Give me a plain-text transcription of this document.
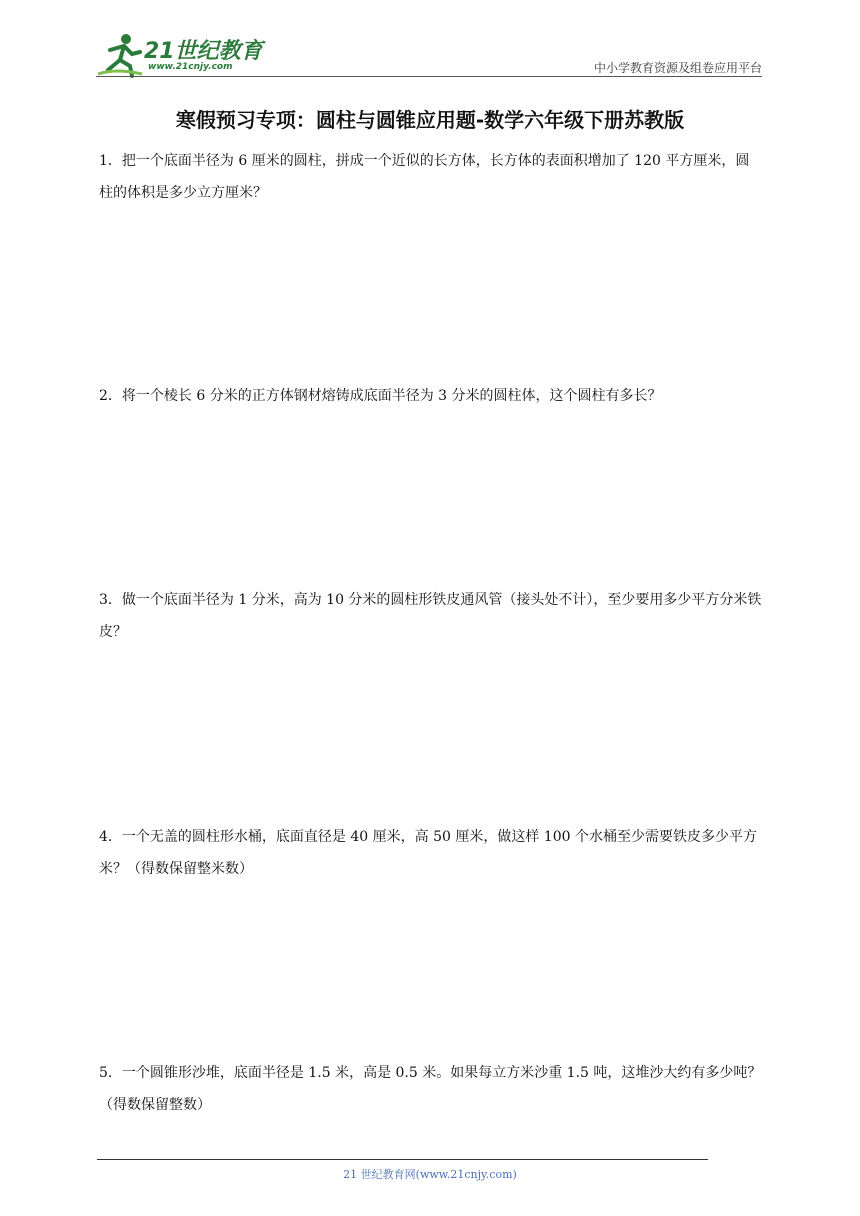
21世纪教育
www.21cnjy.com	中小学教育资源及组卷应用平台
寒假预习专项：圆柱与圆锥应用题-数学六年级下册苏教版
1．把一个底面半径为 6 厘米的圆柱，拼成一个近似的长方体，长方体的表面积增加了 120 平方厘米，圆柱的体积是多少立方厘米？
2．将一个棱长 6 分米的正方体钢材熔铸成底面半径为 3 分米的圆柱体，这个圆柱有多长？
3．做一个底面半径为 1 分米，高为 10 分米的圆柱形铁皮通风管（接头处不计），至少要用多少平方分米铁皮？
4．一个无盖的圆柱形水桶，底面直径是 40 厘米，高 50 厘米，做这样 100 个水桶至少需要铁皮多少平方米？（得数保留整米数）
5．一个圆锥形沙堆，底面半径是 1.5 米，高是 0.5 米。如果每立方米沙重 1.5 吨，这堆沙大约有多少吨？（得数保留整数）
21 世纪教育网(www.21cnjy.com)
